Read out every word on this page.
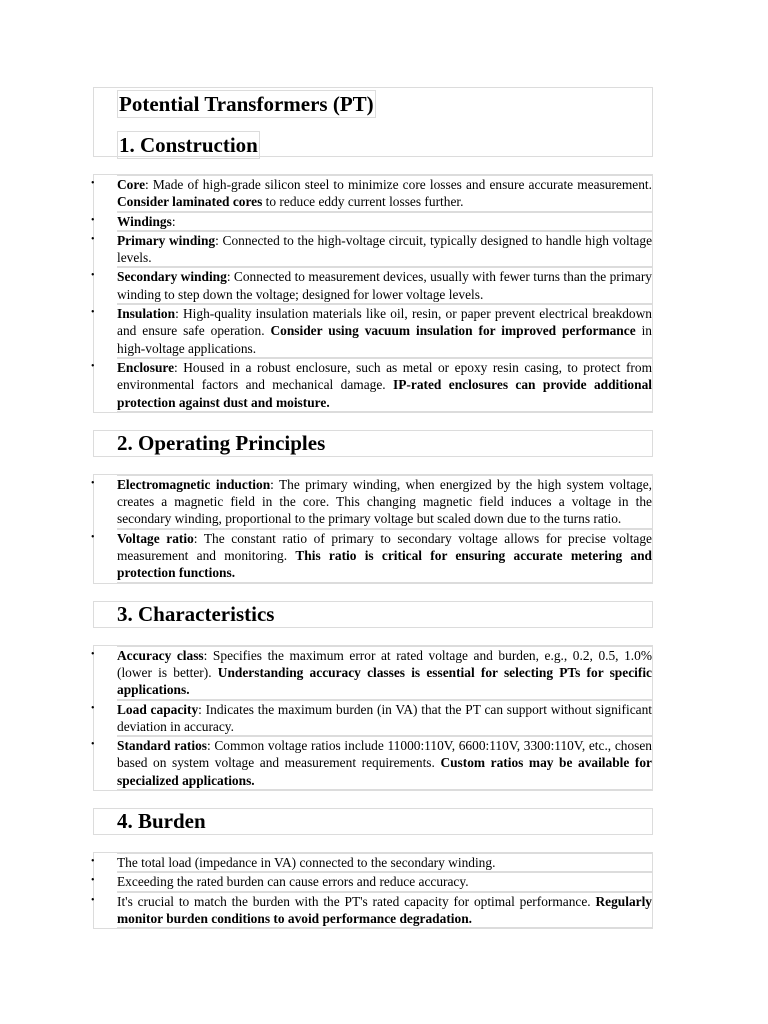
Potential Transformers (PT)
1. Construction
• Core: Made of high-grade silicon steel to minimize core losses and ensure accurate measurement. Consider laminated cores to reduce eddy current losses further.
• Windings:
• Primary winding: Connected to the high-voltage circuit, typically designed to handle high voltage levels.
• Secondary winding: Connected to measurement devices, usually with fewer turns than the primary winding to step down the voltage; designed for lower voltage levels.
• Insulation: High-quality insulation materials like oil, resin, or paper prevent electrical breakdown and ensure safe operation. Consider using vacuum insulation for improved performance in high-voltage applications.
• Enclosure: Housed in a robust enclosure, such as metal or epoxy resin casing, to protect from environmental factors and mechanical damage. IP-rated enclosures can provide additional protection against dust and moisture.
2. Operating Principles
• Electromagnetic induction: The primary winding, when energized by the high system voltage, creates a magnetic field in the core. This changing magnetic field induces a voltage in the secondary winding, proportional to the primary voltage but scaled down due to the turns ratio.
• Voltage ratio: The constant ratio of primary to secondary voltage allows for precise voltage measurement and monitoring. This ratio is critical for ensuring accurate metering and protection functions.
3. Characteristics
• Accuracy class: Specifies the maximum error at rated voltage and burden, e.g., 0.2, 0.5, 1.0% (lower is better). Understanding accuracy classes is essential for selecting PTs for specific applications.
• Load capacity: Indicates the maximum burden (in VA) that the PT can support without significant deviation in accuracy.
• Standard ratios: Common voltage ratios include 11000:110V, 6600:110V, 3300:110V, etc., chosen based on system voltage and measurement requirements. Custom ratios may be available for specialized applications.
4. Burden
• The total load (impedance in VA) connected to the secondary winding.
• Exceeding the rated burden can cause errors and reduce accuracy.
• It's crucial to match the burden with the PT's rated capacity for optimal performance. Regularly monitor burden conditions to avoid performance degradation.
